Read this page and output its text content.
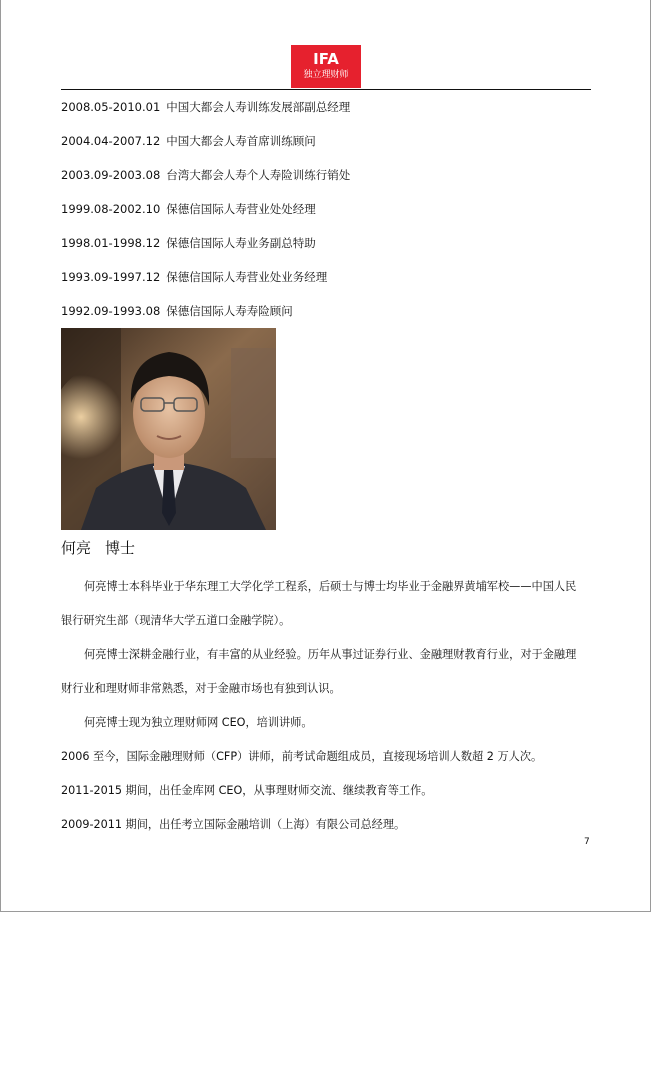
IFA
独立理财师
2008.05-2010.01 中国大都会人寿训练发展部副总经理
2004.04-2007.12 中国大都会人寿首席训练顾问
2003.09-2003.08 台湾大都会人寿个人寿险训练行销处
1999.08-2002.10 保德信国际人寿营业处处经理
1998.01-1998.12 保德信国际人寿业务副总特助
1993.09-1997.12 保德信国际人寿营业处业务经理
1992.09-1993.08 保德信国际人寿寿险顾问
何亮 博士

何亮博士本科毕业于华东理工大学化学工程系，后硕士与博士均毕业于金融界黄埔军校——中国人民

银行研究生部（现清华大学五道口金融学院）。

何亮博士深耕金融行业，有丰富的从业经验。历年从事过证券行业、金融理财教育行业，对于金融理

财行业和理财师非常熟悉，对于金融市场也有独到认识。

何亮博士现为独立理财师网 CEO，培训讲师。

2006 至今，国际金融理财师（CFP）讲师，前考试命题组成员，直接现场培训人数超 2 万人次。

2011-2015 期间，出任金库网 CEO，从事理财师交流、继续教育等工作。

2009-2011 期间，出任考立国际金融培训（上海）有限公司总经理。

7
